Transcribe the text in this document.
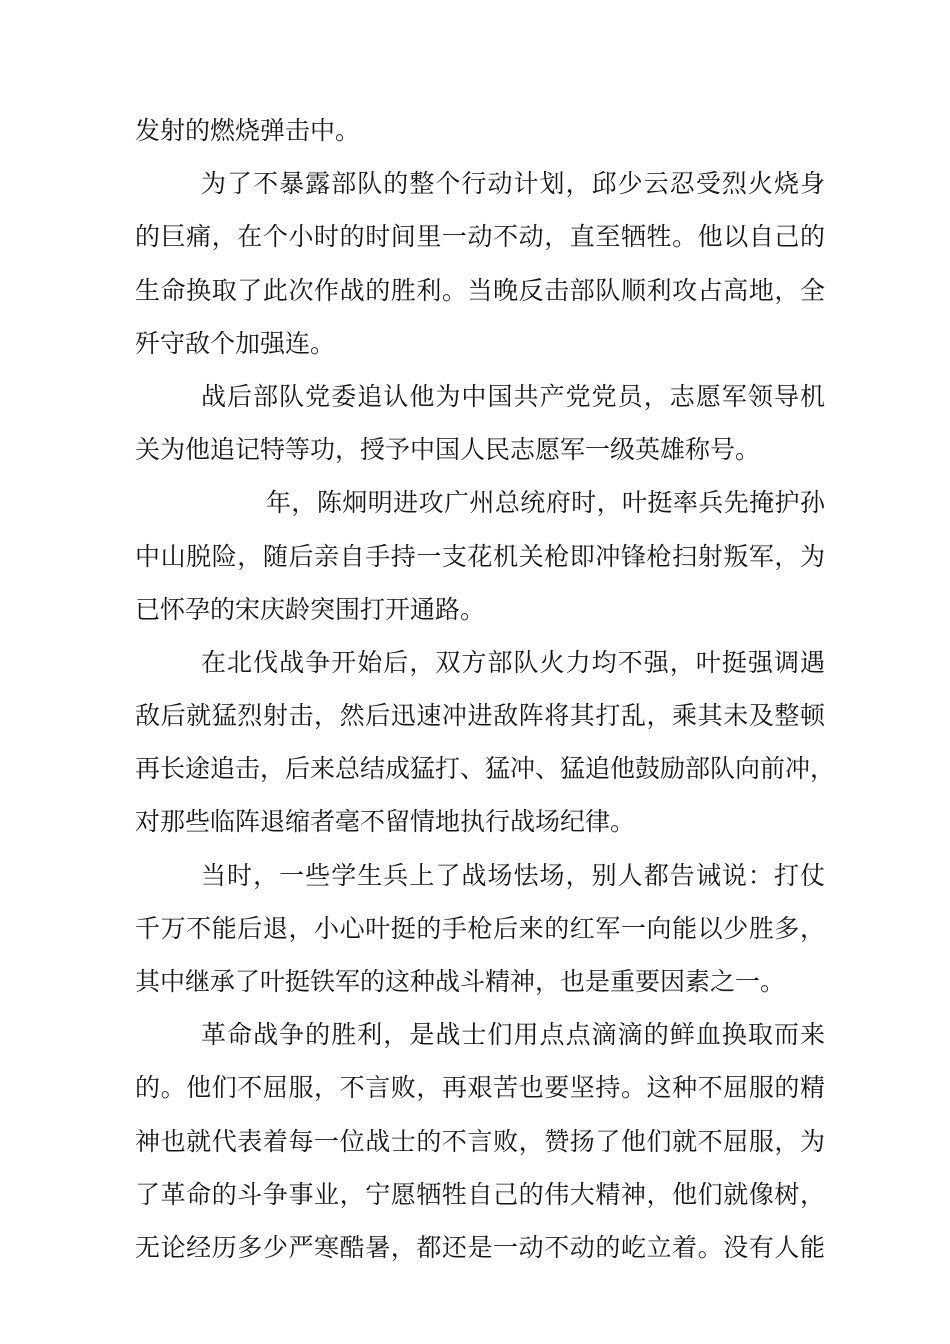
发射的燃烧弹击中。
为了不暴露部队的整个行动计划，邱少云忍受烈火烧身
的巨痛，在个小时的时间里一动不动，直至牺牲。他以自己的
生命换取了此次作战的胜利。当晚反击部队顺利攻占高地，全
歼守敌个加强连。
战后部队党委追认他为中国共产党党员，志愿军领导机
关为他追记特等功，授予中国人民志愿军一级英雄称号。
年，陈炯明进攻广州总统府时，叶挺率兵先掩护孙
中山脱险，随后亲自手持一支花机关枪即冲锋枪扫射叛军，为
已怀孕的宋庆龄突围打开通路。
在北伐战争开始后，双方部队火力均不强，叶挺强调遇
敌后就猛烈射击，然后迅速冲进敌阵将其打乱，乘其未及整顿
再长途追击，后来总结成猛打、猛冲、猛追他鼓励部队向前冲，
对那些临阵退缩者毫不留情地执行战场纪律。
当时，一些学生兵上了战场怯场，别人都告诫说：打仗
千万不能后退，小心叶挺的手枪后来的红军一向能以少胜多，
其中继承了叶挺铁军的这种战斗精神，也是重要因素之一。
革命战争的胜利，是战士们用点点滴滴的鲜血换取而来
的。他们不屈服，不言败，再艰苦也要坚持。这种不屈服的精
神也就代表着每一位战士的不言败，赞扬了他们就不屈服，为
了革命的斗争事业，宁愿牺牲自己的伟大精神，他们就像树，
无论经历多少严寒酷暑，都还是一动不动的屹立着。没有人能
